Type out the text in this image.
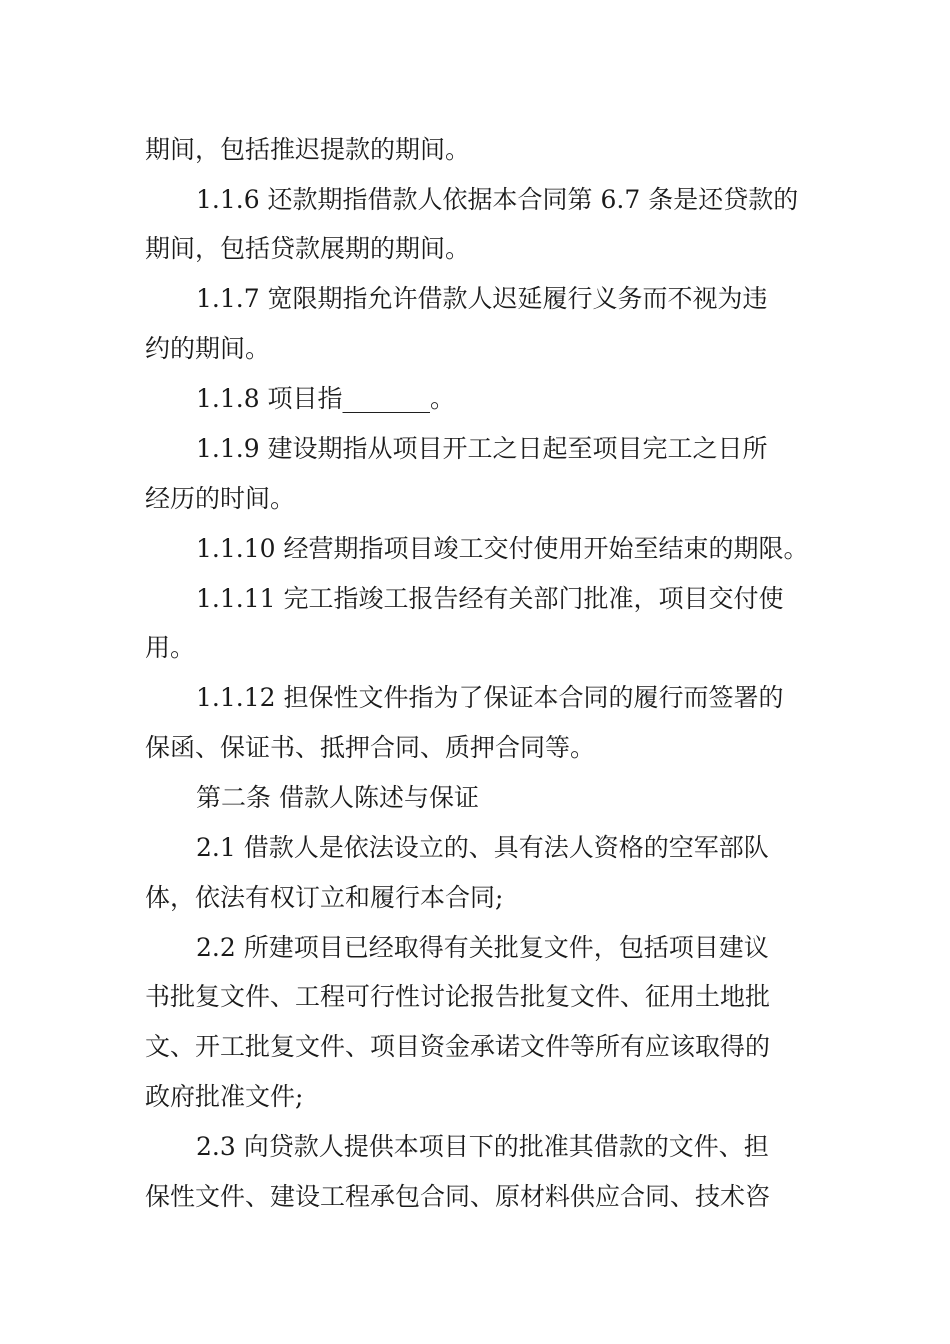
期间，包括推迟提款的期间。
1.1.6 还款期指借款人依据本合同第 6.7 条是还贷款的
期间，包括贷款展期的期间。
1.1.7 宽限期指允许借款人迟延履行义务而不视为违
约的期间。
1.1.8 项目指_______。
1.1.9 建设期指从项目开工之日起至项目完工之日所
经历的时间。
1.1.10 经营期指项目竣工交付使用开始至结束的期限。
1.1.11 完工指竣工报告经有关部门批准，项目交付使
用。
1.1.12 担保性文件指为了保证本合同的履行而签署的
保函、保证书、抵押合同、质押合同等。
第二条 借款人陈述与保证
2.1 借款人是依法设立的、具有法人资格的空军部队
体，依法有权订立和履行本合同;
2.2 所建项目已经取得有关批复文件，包括项目建议
书批复文件、工程可行性讨论报告批复文件、征用土地批
文、开工批复文件、项目资金承诺文件等所有应该取得的
政府批准文件;
2.3 向贷款人提供本项目下的批准其借款的文件、担
保性文件、建设工程承包合同、原材料供应合同、技术咨
